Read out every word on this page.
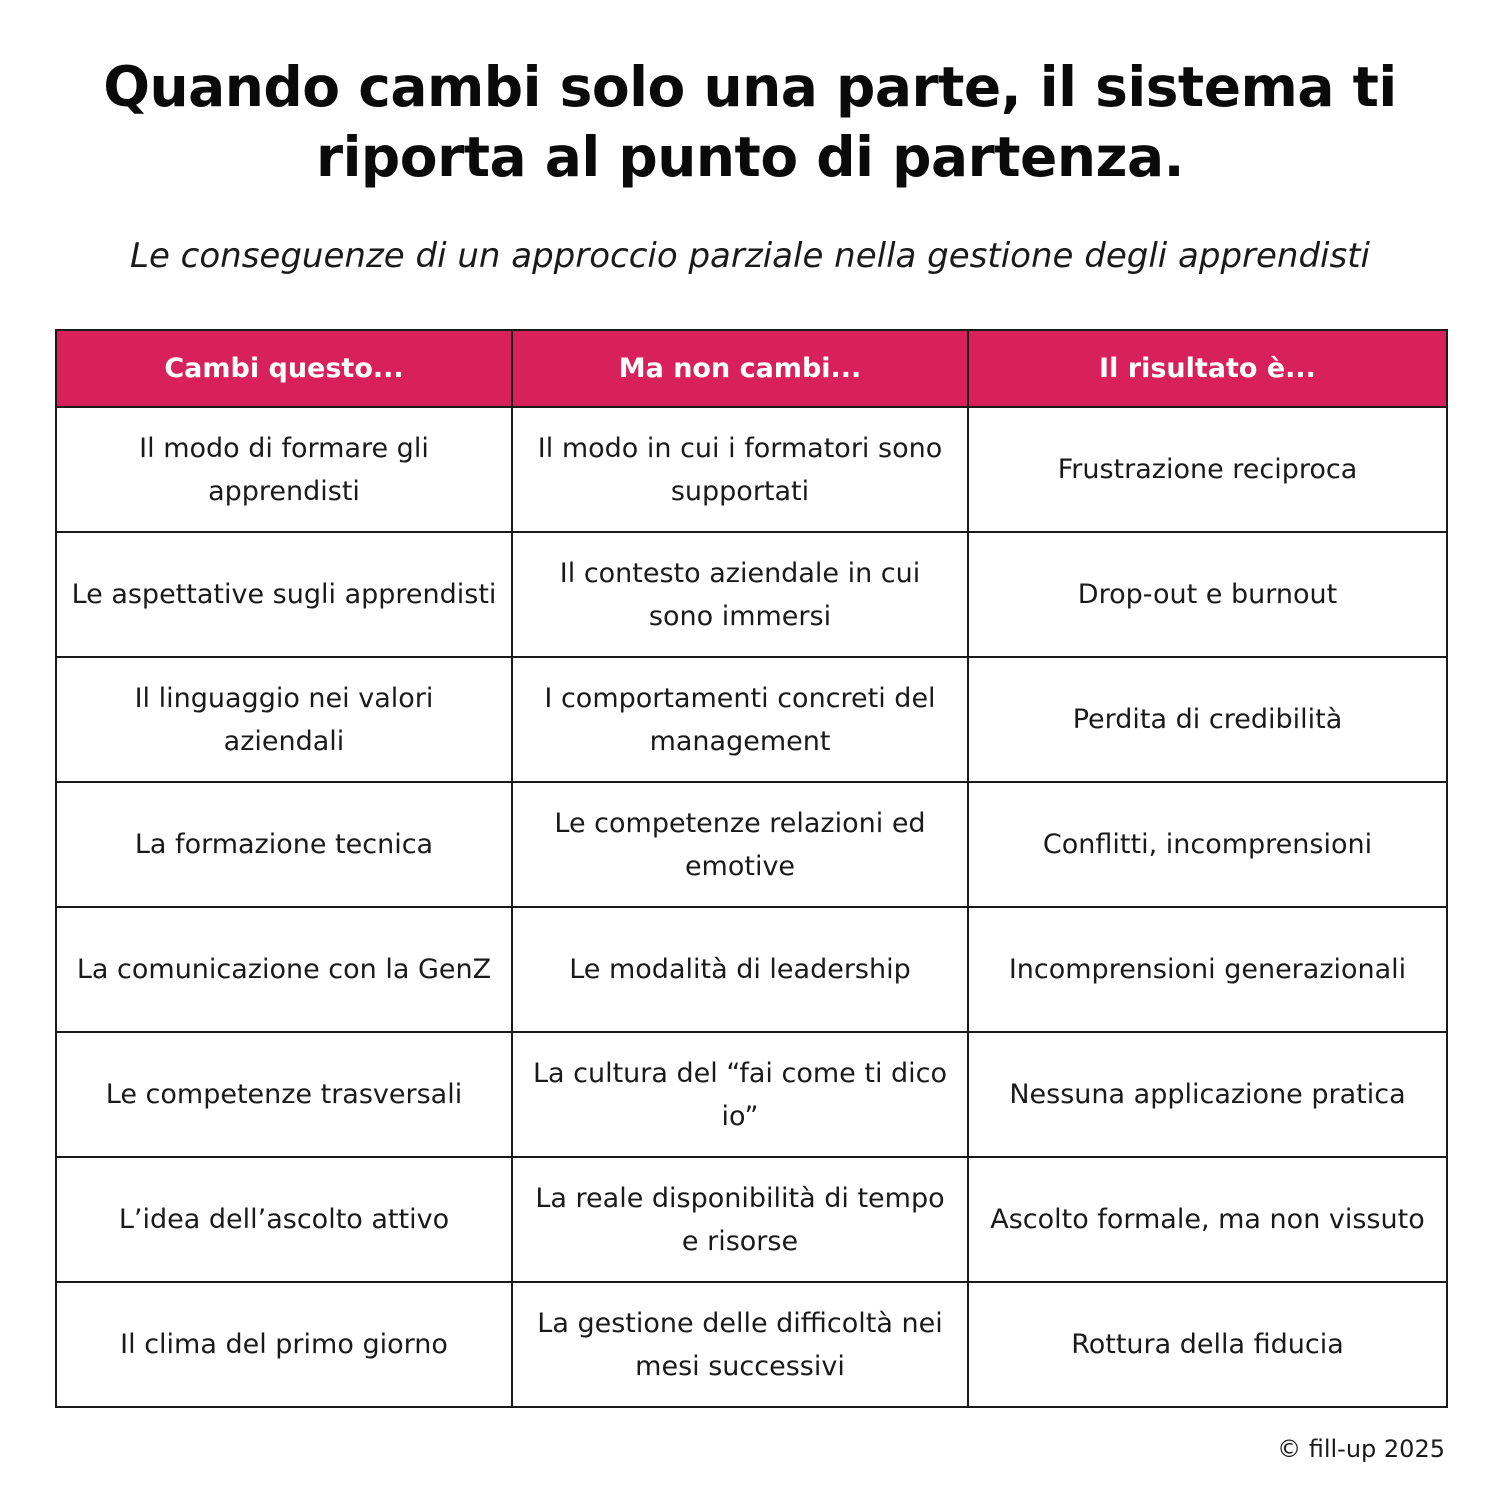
Quando cambi solo una parte, il sistema ti riporta al punto di partenza.
Le conseguenze di un approccio parziale nella gestione degli apprendisti
Cambi questo...	Ma non cambi...	Il risultato è...
Il modo di formare gli apprendisti	Il modo in cui i formatori sono supportati	Frustrazione reciproca
Le aspettative sugli apprendisti	Il contesto aziendale in cui sono immersi	Drop-out e burnout
Il linguaggio nei valori aziendali	I comportamenti concreti del management	Perdita di credibilità
La formazione tecnica	Le competenze relazioni ed emotive	Conflitti, incomprensioni
La comunicazione con la GenZ	Le modalità di leadership	Incomprensioni generazionali
Le competenze trasversali	La cultura del “fai come ti dico io”	Nessuna applicazione pratica
L’idea dell’ascolto attivo	La reale disponibilità di tempo e risorse	Ascolto formale, ma non vissuto
Il clima del primo giorno	La gestione delle difficoltà nei mesi successivi	Rottura della fiducia
© fill-up 2025
